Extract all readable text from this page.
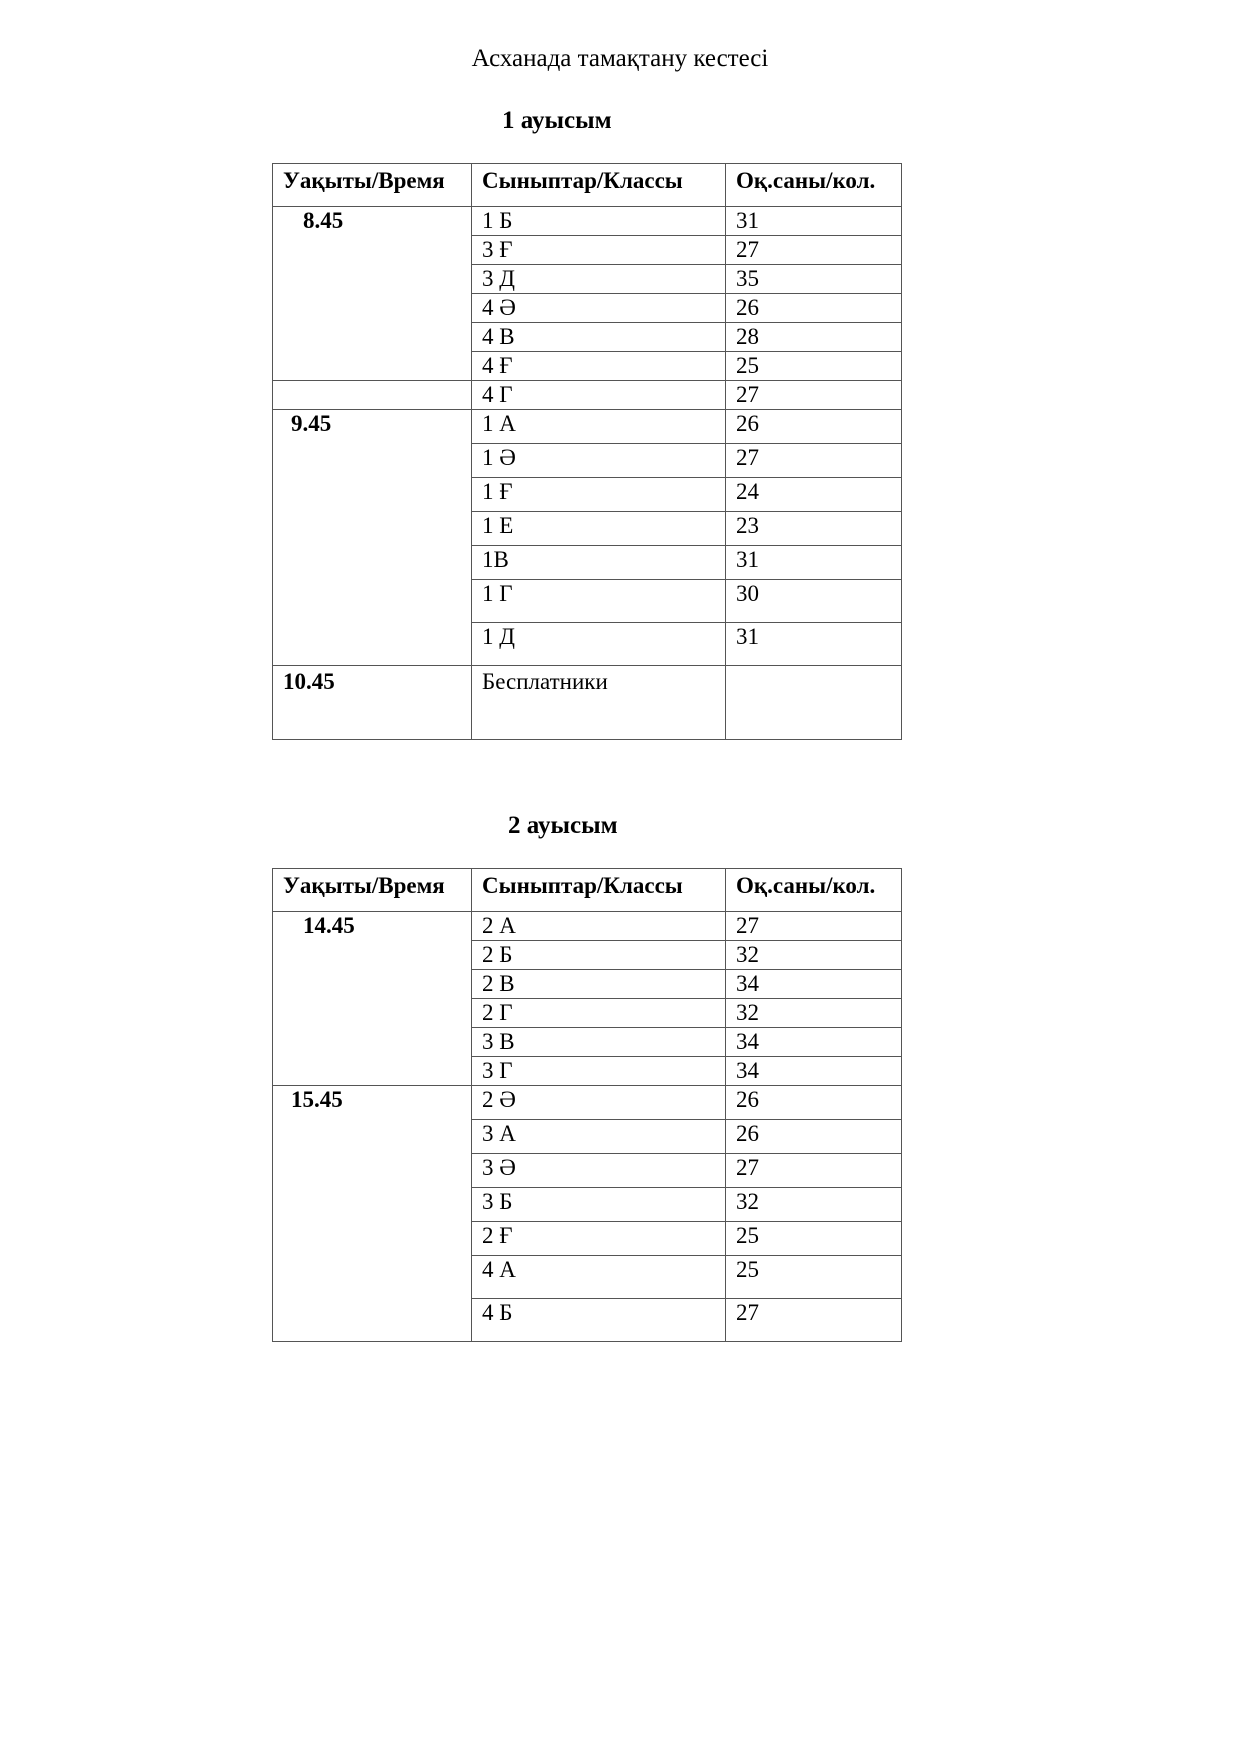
Асханада тамақтану кестесі
1 ауысым
Уақыты/Время	Сыныптар/Классы	Оқ.саны/кол.
8.45	1 Б	31
	3 Ғ	27
	3 Д	35
	4 Ә	26
	4 В	28
	4 Ғ	25
	4 Г	27
9.45	1 А	26
	1 Ә	27
	1 Ғ	24
	1 Е	23
	1В	31
	1 Г	30
	1 Д	31
10.45	Бесплатники	
2 ауысым
Уақыты/Время	Сыныптар/Классы	Оқ.саны/кол.
14.45	2 А	27
	2 Б	32
	2 В	34
	2 Г	32
	3 В	34
	3 Г	34
15.45	2 Ә	26
	3 А	26
	3 Ә	27
	3 Б	32
	2 Ғ	25
	4 А	25
	4 Б	27
